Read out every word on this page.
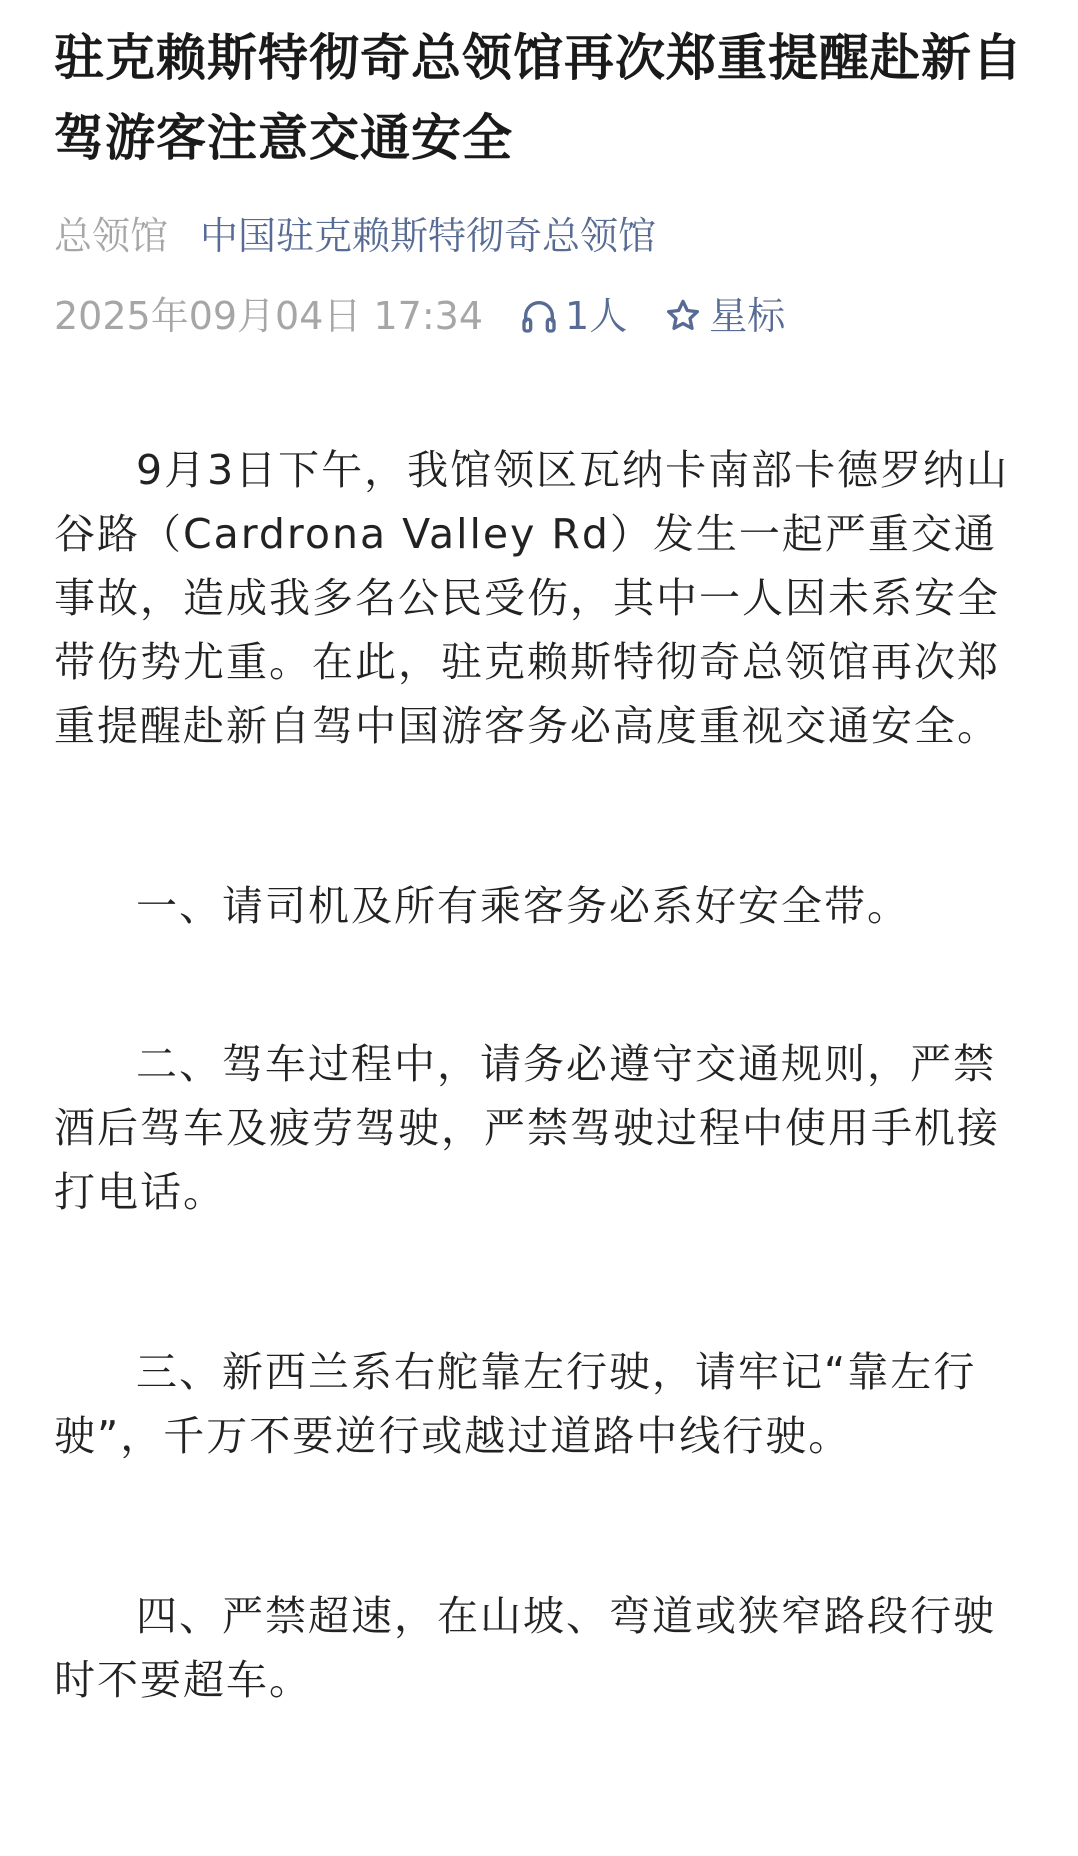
驻克赖斯特彻奇总领馆再次郑重提醒赴新自驾游客注意交通安全
总领馆 中国驻克赖斯特彻奇总领馆
2025年09月04日 17:34 1人 星标

9月3日下午，我馆领区瓦纳卡南部卡德罗纳山谷路（Cardrona Valley Rd）发生一起严重交通事故，造成我多名公民受伤，其中一人因未系安全带伤势尤重。在此，驻克赖斯特彻奇总领馆再次郑重提醒赴新自驾中国游客务必高度重视交通安全。

一、请司机及所有乘客务必系好安全带。

二、驾车过程中，请务必遵守交通规则，严禁酒后驾车及疲劳驾驶，严禁驾驶过程中使用手机接打电话。

三、新西兰系右舵靠左行驶，请牢记“靠左行驶”，千万不要逆行或越过道路中线行驶。

四、严禁超速，在山坡、弯道或狭窄路段行驶时不要超车。
